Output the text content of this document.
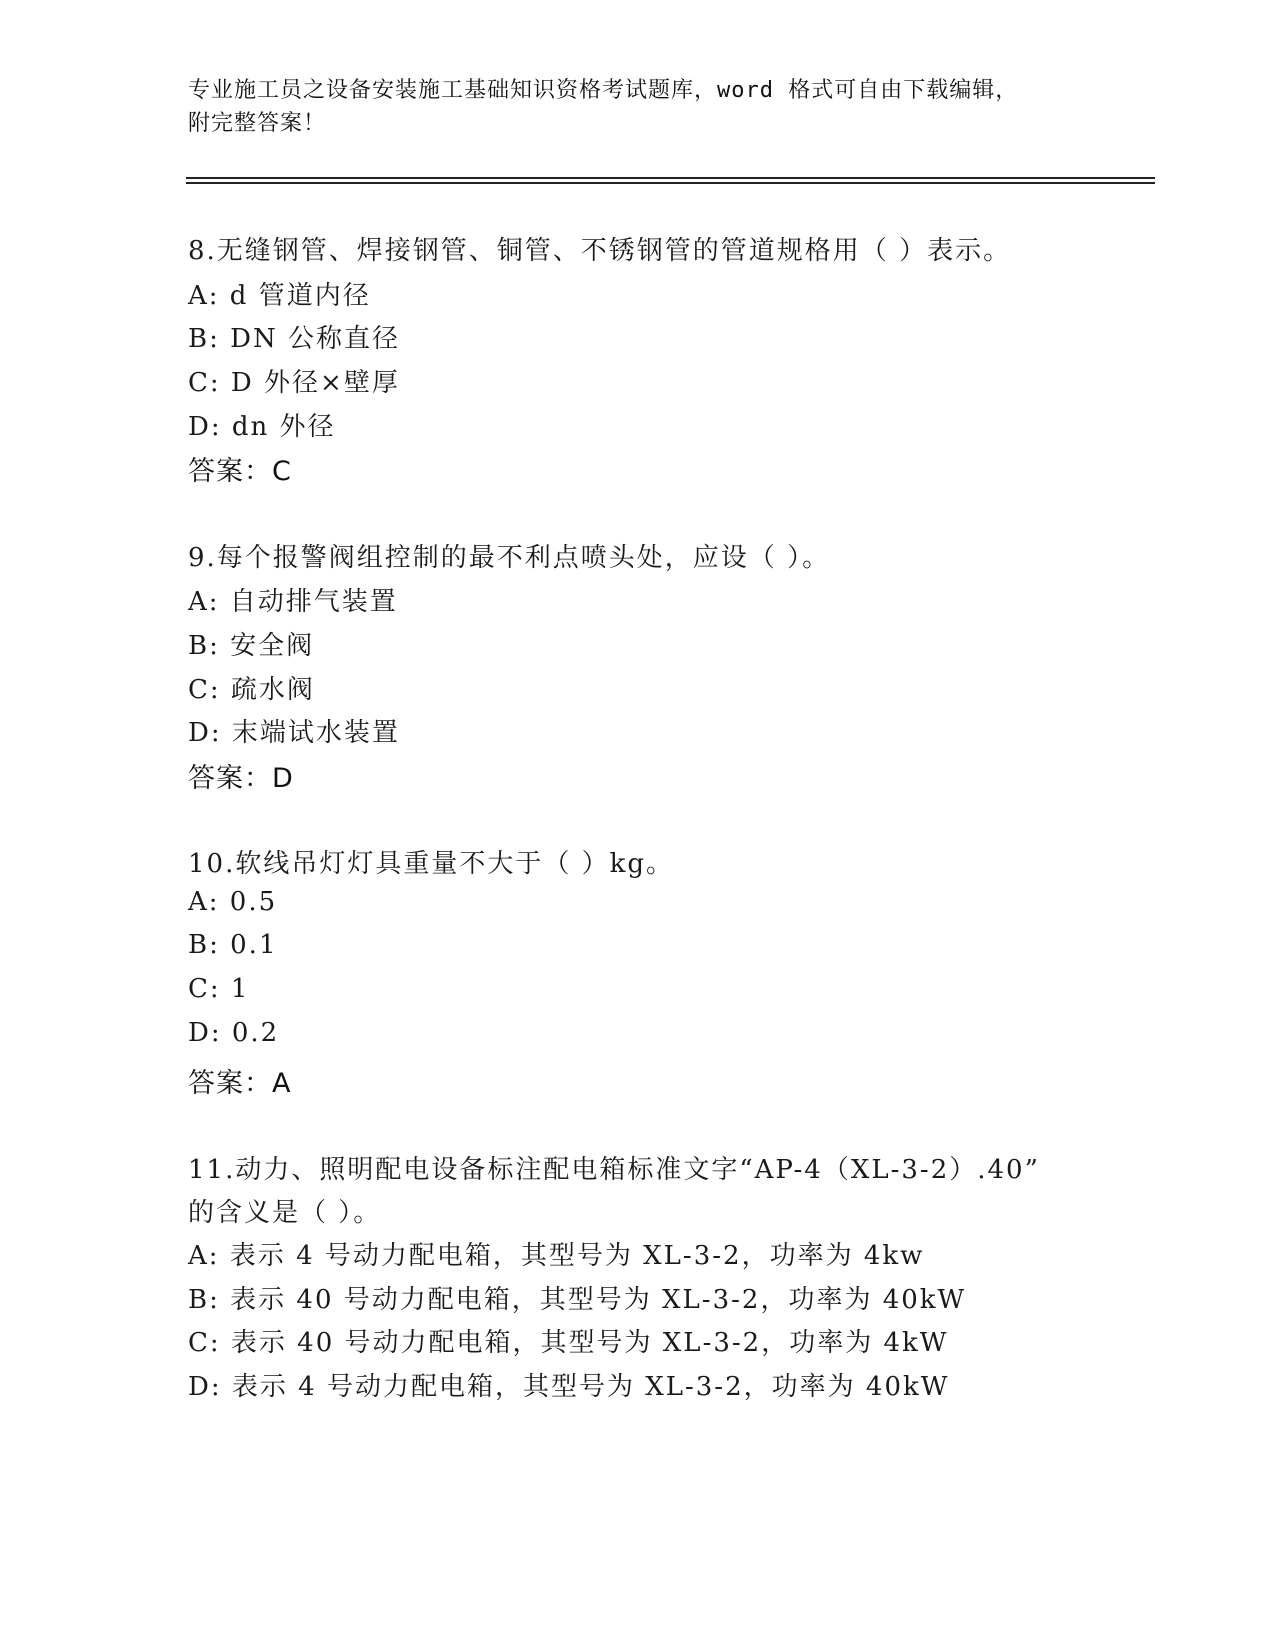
专业施工员之设备安装施工基础知识资格考试题库，word 格式可自由下载编辑，
附完整答案！
8.无缝钢管、焊接钢管、铜管、不锈钢管的管道规格用（ ）表示。
A: d 管道内径
B: DN 公称直径
C: D 外径×壁厚
D: dn 外径
答案：C
9.每个报警阀组控制的最不利点喷头处，应设（ ）。
A: 自动排气装置
B: 安全阀
C: 疏水阀
D: 末端试水装置
答案：D
10.软线吊灯灯具重量不大于（ ）kg。
A: 0.5
B: 0.1
C: 1
D: 0.2
答案：A
11.动力、照明配电设备标注配电箱标准文字“AP-4（XL-3-2）.40”
的含义是（ ）。
A: 表示 4 号动力配电箱，其型号为 XL-3-2，功率为 4kw
B: 表示 40 号动力配电箱，其型号为 XL-3-2，功率为 40kW
C: 表示 40 号动力配电箱，其型号为 XL-3-2，功率为 4kW
D: 表示 4 号动力配电箱，其型号为 XL-3-2，功率为 40kW
